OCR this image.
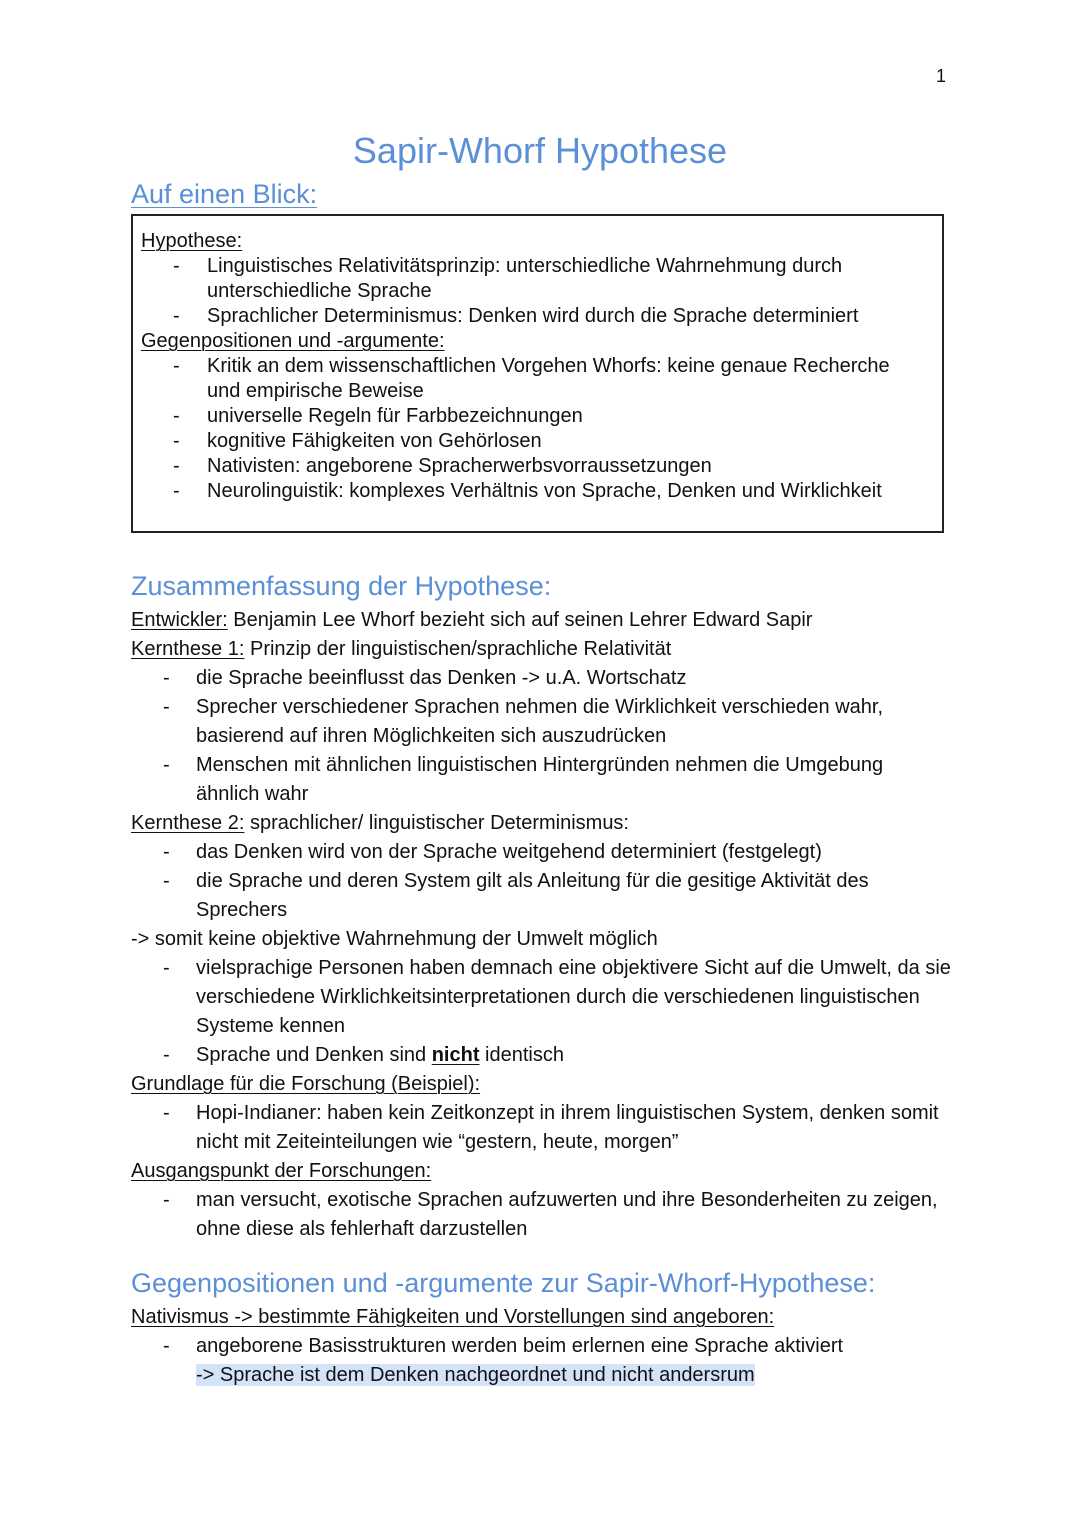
1
Sapir-Whorf Hypothese
Auf einen Blick:
Hypothese:
- Linguistisches Relativitätsprinzip: unterschiedliche Wahrnehmung durch unterschiedliche Sprache
- Sprachlicher Determinismus: Denken wird durch die Sprache determiniert
Gegenpositionen und -argumente:
- Kritik an dem wissenschaftlichen Vorgehen Whorfs: keine genaue Recherche und empirische Beweise
- universelle Regeln für Farbbezeichnungen
- kognitive Fähigkeiten von Gehörlosen
- Nativisten: angeborene Spracherwerbsvorraussetzungen
- Neurolinguistik: komplexes Verhältnis von Sprache, Denken und Wirklichkeit
Zusammenfassung der Hypothese:
Entwickler: Benjamin Lee Whorf bezieht sich auf seinen Lehrer Edward Sapir
Kernthese 1: Prinzip der linguistischen/sprachliche Relativität
- die Sprache beeinflusst das Denken -> u.A. Wortschatz
- Sprecher verschiedener Sprachen nehmen die Wirklichkeit verschieden wahr, basierend auf ihren Möglichkeiten sich auszudrücken
- Menschen mit ähnlichen linguistischen Hintergründen nehmen die Umgebung ähnlich wahr
Kernthese 2: sprachlicher/ linguistischer Determinismus:
- das Denken wird von der Sprache weitgehend determiniert (festgelegt)
- die Sprache und deren System gilt als Anleitung für die gesitige Aktivität des Sprechers
-> somit keine objektive Wahrnehmung der Umwelt möglich
- vielsprachige Personen haben demnach eine objektivere Sicht auf die Umwelt, da sie verschiedene Wirklichkeitsinterpretationen durch die verschiedenen linguistischen Systeme kennen
- Sprache und Denken sind nicht identisch
Grundlage für die Forschung (Beispiel):
- Hopi-Indianer: haben kein Zeitkonzept in ihrem linguistischen System, denken somit nicht mit Zeiteinteilungen wie “gestern, heute, morgen”
Ausgangspunkt der Forschungen:
- man versucht, exotische Sprachen aufzuwerten und ihre Besonderheiten zu zeigen, ohne diese als fehlerhaft darzustellen
Gegenpositionen und -argumente zur Sapir-Whorf-Hypothese:
Nativismus -> bestimmte Fähigkeiten und Vorstellungen sind angeboren:
- angeborene Basisstrukturen werden beim erlernen eine Sprache aktiviert
-> Sprache ist dem Denken nachgeordnet und nicht andersrum
